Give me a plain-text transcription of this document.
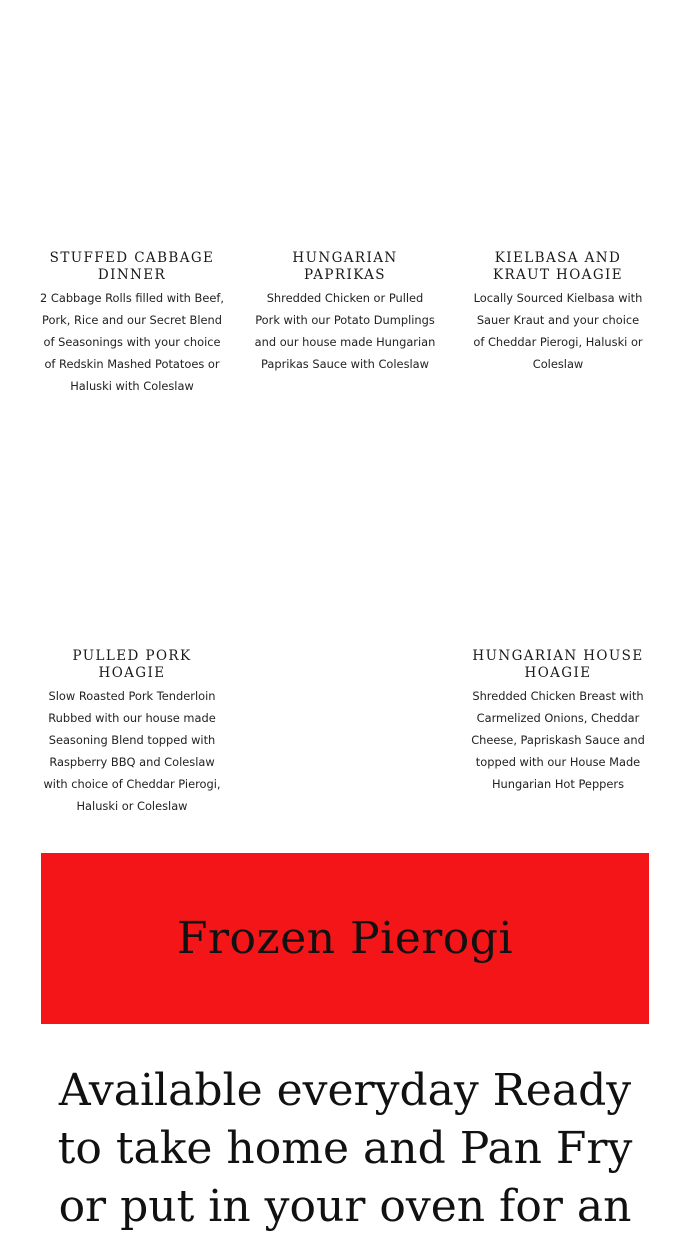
STUFFED CABBAGE DINNER

2 Cabbage Rolls filled with Beef, Pork, Rice and our Secret Blend of Seasonings with your choice of Redskin Mashed Potatoes or Haluski with Coleslaw

HUNGARIAN PAPRIKAS

Shredded Chicken or Pulled Pork with our Potato Dumplings and our house made Hungarian Paprikas Sauce with Coleslaw

KIELBASA AND KRAUT HOAGIE

Locally Sourced Kielbasa with Sauer Kraut and your choice of Cheddar Pierogi, Haluski or Coleslaw

PULLED PORK HOAGIE

Slow Roasted Pork Tenderloin Rubbed with our house made Seasoning Blend topped with Raspberry BBQ and Coleslaw with choice of Cheddar Pierogi, Haluski or Coleslaw

HUNGARIAN HOUSE HOAGIE

Shredded Chicken Breast with Carmelized Onions, Cheddar Cheese, Papriskash Sauce and topped with our House Made Hungarian Hot Peppers

Frozen Pierogi

Available everyday Ready to take home and Pan Fry or put in your oven for an
